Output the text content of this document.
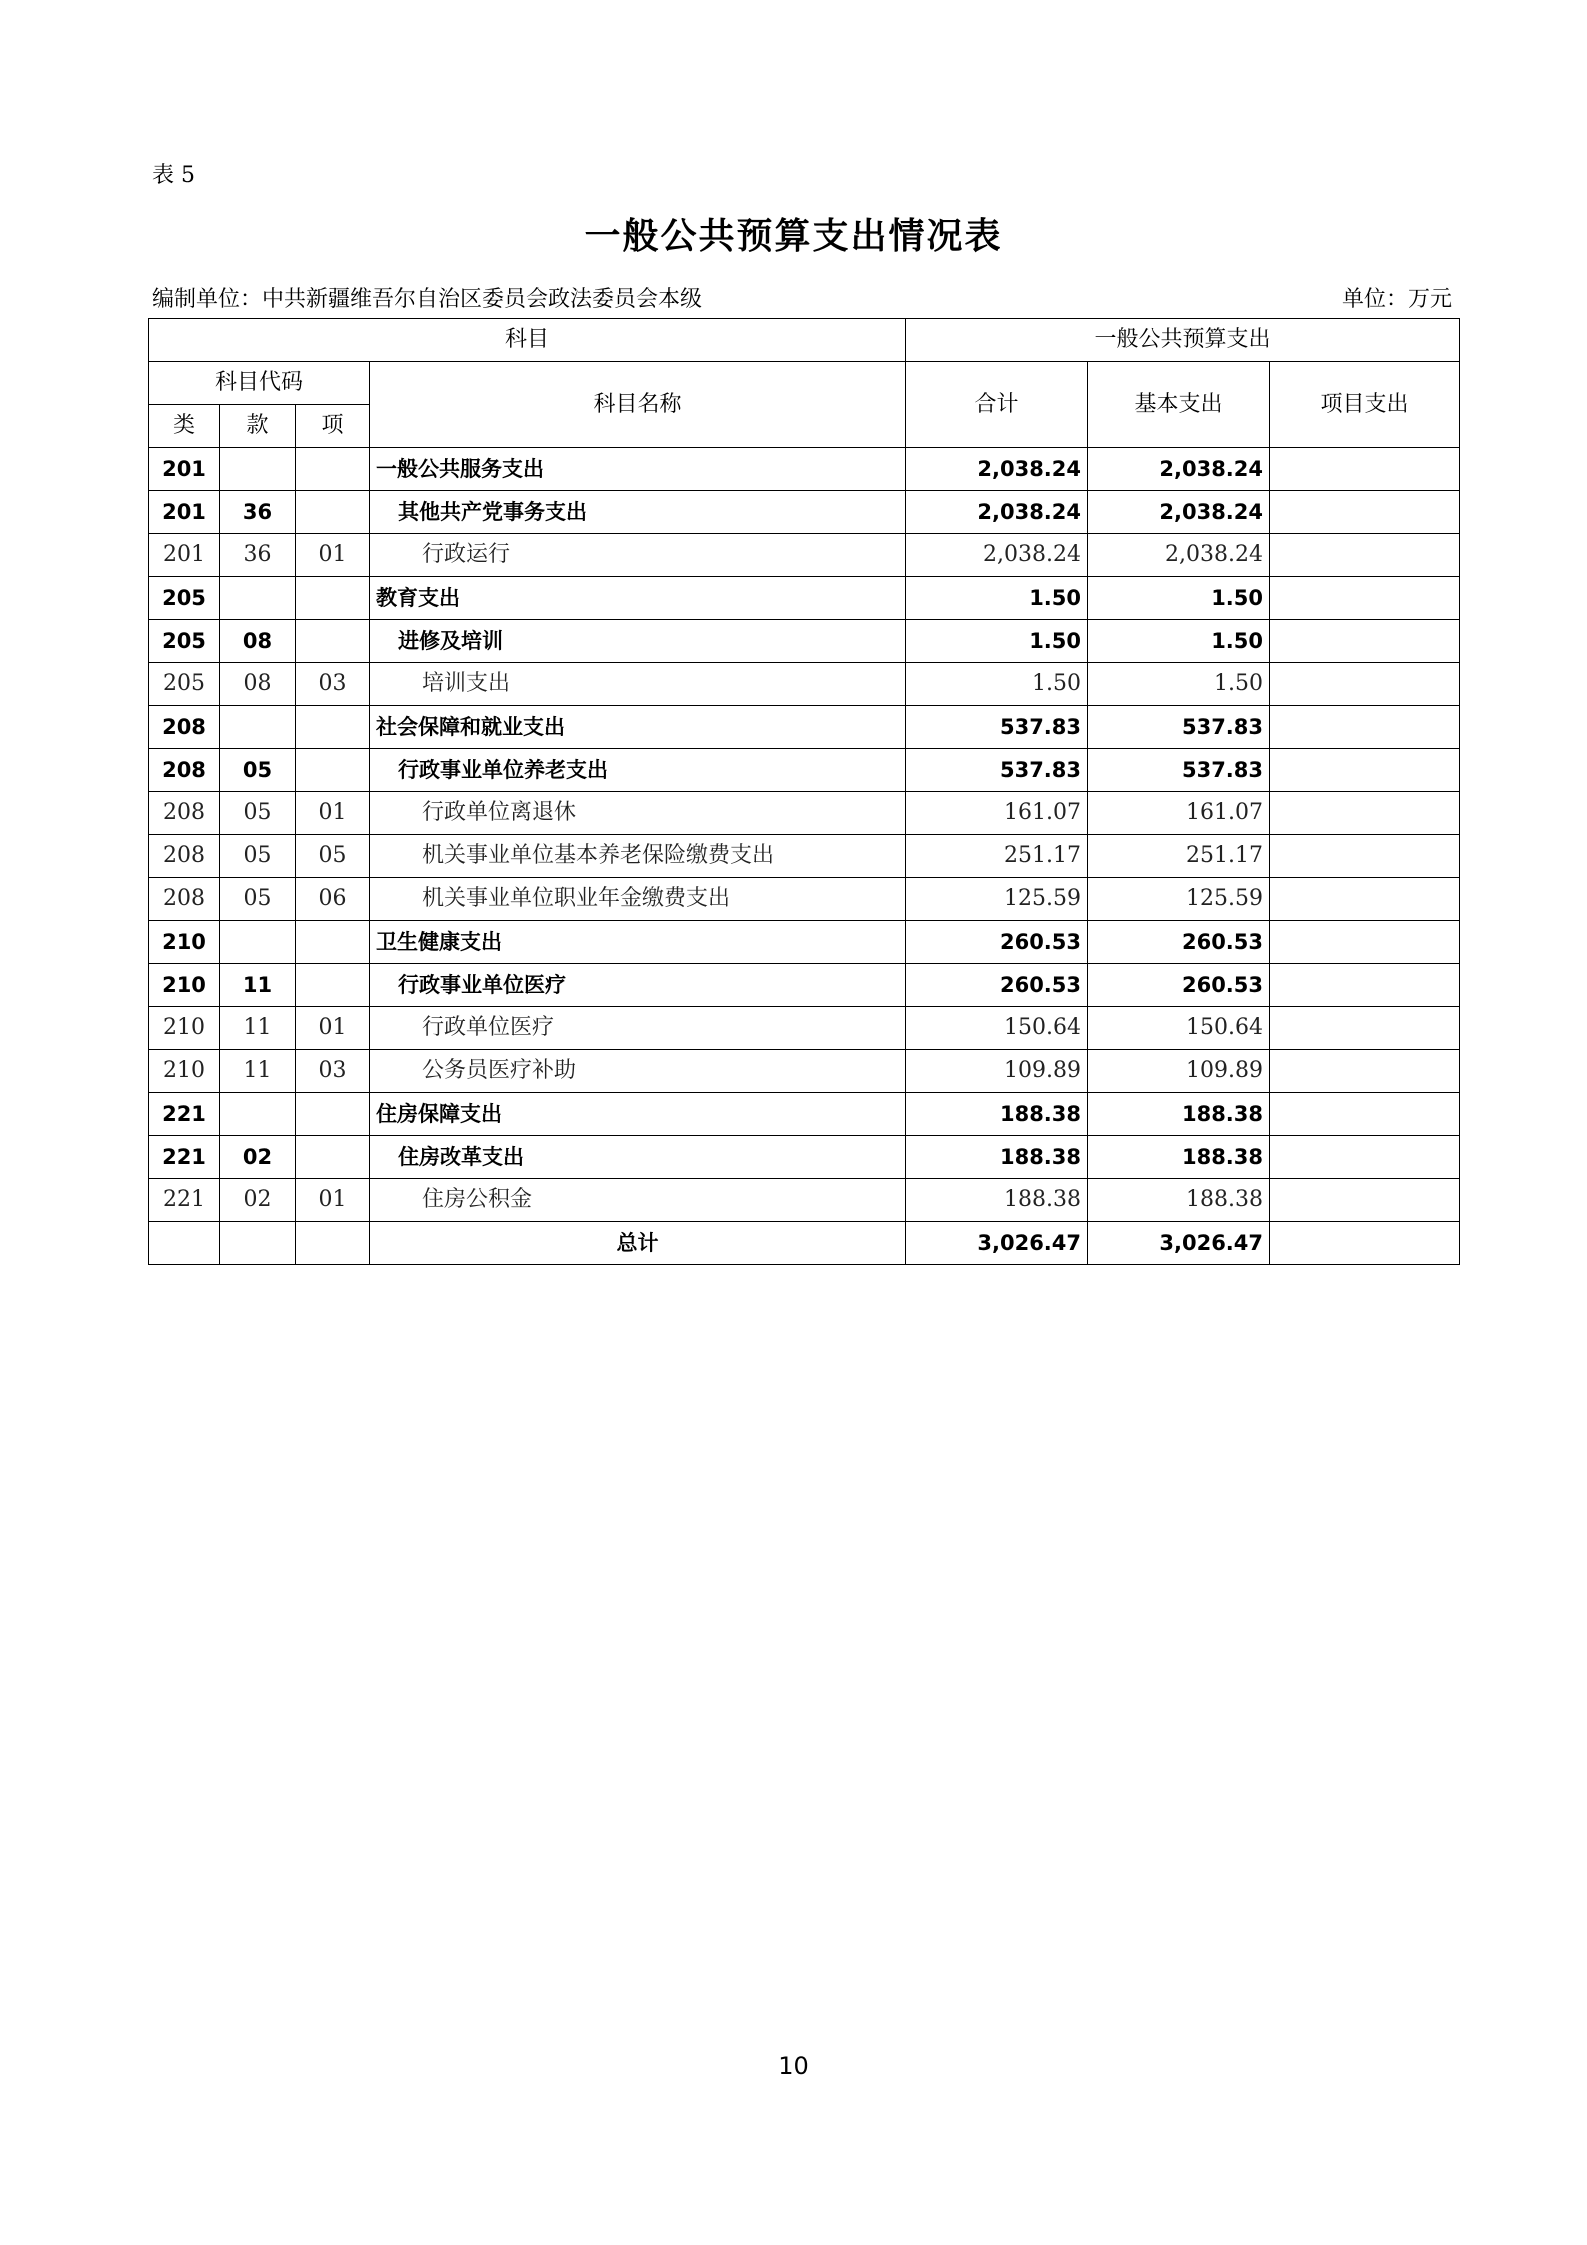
表 5
一般公共预算支出情况表
编制单位：中共新疆维吾尔自治区委员会政法委员会本级	单位：万元
科目				一般公共预算支出		
科目代码			科目名称	合计	基本支出	项目支出
类	款	项				
201			一般公共服务支出	2,038.24	2,038.24	
201	36		其他共产党事务支出	2,038.24	2,038.24	
201	36	01	行政运行	2,038.24	2,038.24	
205			教育支出	1.50	1.50	
205	08		进修及培训	1.50	1.50	
205	08	03	培训支出	1.50	1.50	
208			社会保障和就业支出	537.83	537.83	
208	05		行政事业单位养老支出	537.83	537.83	
208	05	01	行政单位离退休	161.07	161.07	
208	05	05	机关事业单位基本养老保险缴费支出	251.17	251.17	
208	05	06	机关事业单位职业年金缴费支出	125.59	125.59	
210			卫生健康支出	260.53	260.53	
210	11		行政事业单位医疗	260.53	260.53	
210	11	01	行政单位医疗	150.64	150.64	
210	11	03	公务员医疗补助	109.89	109.89	
221			住房保障支出	188.38	188.38	
221	02		住房改革支出	188.38	188.38	
221	02	01	住房公积金	188.38	188.38	
			总计	3,026.47	3,026.47	
10
